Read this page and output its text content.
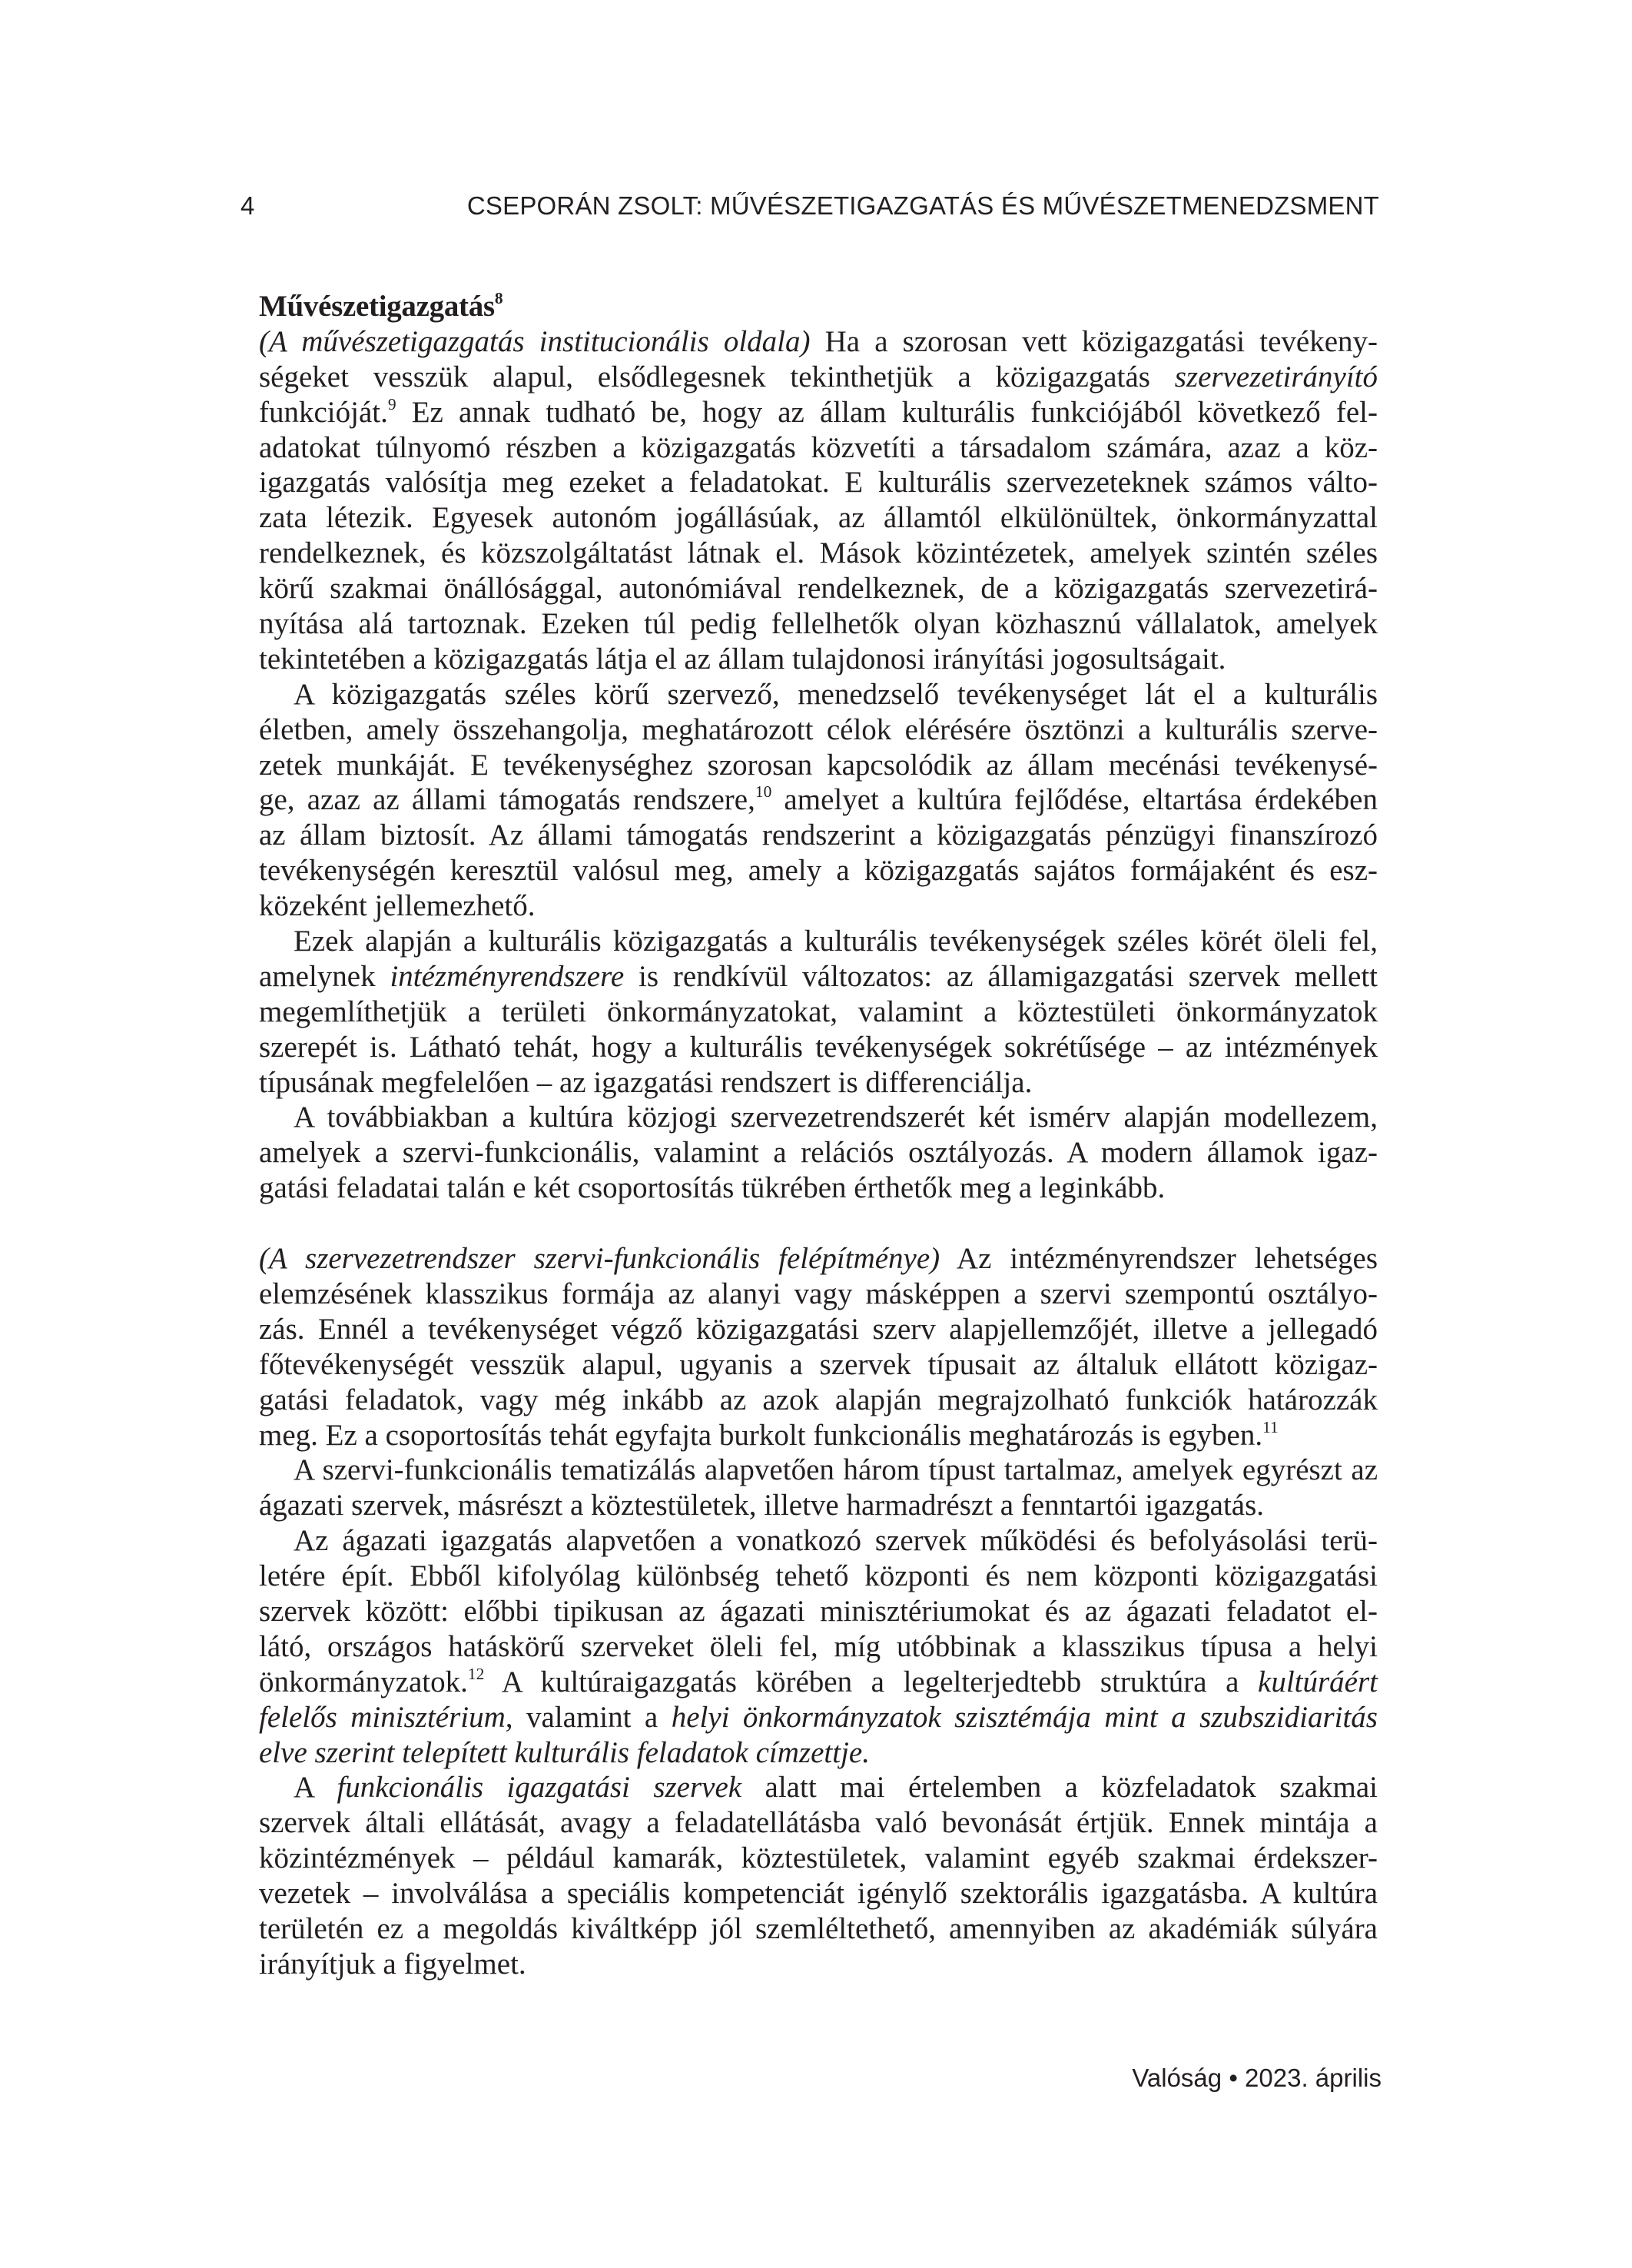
4	CSEPORÁN ZSOLT: MŰVÉSZETIGAZGATÁS ÉS MŰVÉSZETMENEDZSMENT
Művészetigazgatás$^8$
(A művészetigazgatás institucionális oldala) Ha a szorosan vett közigazgatási tevékeny-
ségeket vesszük alapul, elsődlegesnek tekinthetjük a közigazgatás szervezetirányító
funkcióját.$^9$ Ez annak tudható be, hogy az állam kulturális funkciójából következő fel-
adatokat túlnyomó részben a közigazgatás közvetíti a társadalom számára, azaz a köz-
igazgatás valósítja meg ezeket a feladatokat. E kulturális szervezeteknek számos válto-
zata létezik. Egyesek autonóm jogállásúak, az államtól elkülönültek, önkormányzattal
rendelkeznek, és közszolgáltatást látnak el. Mások közintézetek, amelyek szintén széles
körű szakmai önállósággal, autonómiával rendelkeznek, de a közigazgatás szervezetirá-
nyítása alá tartoznak. Ezeken túl pedig fellelhetők olyan közhasznú vállalatok, amelyek
tekintetében a közigazgatás látja el az állam tulajdonosi irányítási jogosultságait.
A közigazgatás széles körű szervező, menedzselő tevékenységet lát el a kulturális
életben, amely összehangolja, meghatározott célok elérésére ösztönzi a kulturális szerve-
zetek munkáját. E tevékenységhez szorosan kapcsolódik az állam mecénási tevékenysé-
ge, azaz az állami támogatás rendszere,$^{10}$ amelyet a kultúra fejlődése, eltartása érdekében
az állam biztosít. Az állami támogatás rendszerint a közigazgatás pénzügyi finanszírozó
tevékenységén keresztül valósul meg, amely a közigazgatás sajátos formájaként és esz-
közeként jellemezhető.
Ezek alapján a kulturális közigazgatás a kulturális tevékenységek széles körét öleli fel,
amelynek intézményrendszere is rendkívül változatos: az államigazgatási szervek mellett
megemlíthetjük a területi önkormányzatokat, valamint a köztestületi önkormányzatok
szerepét is. Látható tehát, hogy a kulturális tevékenységek sokrétűsége – az intézmények
típusának megfelelően – az igazgatási rendszert is differenciálja.
A továbbiakban a kultúra közjogi szervezetrendszerét két ismérv alapján modellezem,
amelyek a szervi-funkcionális, valamint a relációs osztályozás. A modern államok igaz-
gatási feladatai talán e két csoportosítás tükrében érthetők meg a leginkább.
(A szervezetrendszer szervi-funkcionális felépítménye) Az intézményrendszer lehetséges
elemzésének klasszikus formája az alanyi vagy másképpen a szervi szempontú osztályo-
zás. Ennél a tevékenységet végző közigazgatási szerv alapjellemzőjét, illetve a jellegadó
főtevékenységét vesszük alapul, ugyanis a szervek típusait az általuk ellátott közigaz-
gatási feladatok, vagy még inkább az azok alapján megrajzolható funkciók határozzák
meg. Ez a csoportosítás tehát egyfajta burkolt funkcionális meghatározás is egyben.$^{11}$
A szervi-funkcionális tematizálás alapvetően három típust tartalmaz, amelyek egyrészt az
ágazati szervek, másrészt a köztestületek, illetve harmadrészt a fenntartói igazgatás.
Az ágazati igazgatás alapvetően a vonatkozó szervek működési és befolyásolási terü-
letére épít. Ebből kifolyólag különbség tehető központi és nem központi közigazgatási
szervek között: előbbi tipikusan az ágazati minisztériumokat és az ágazati feladatot el-
látó, országos hatáskörű szerveket öleli fel, míg utóbbinak a klasszikus típusa a helyi
önkormányzatok.$^{12}$ A kultúraigazgatás körében a legelterjedtebb struktúra a kultúráért
felelős minisztérium, valamint a helyi önkormányzatok szisztémája mint a szubszidiaritás
elve szerint telepített kulturális feladatok címzettje.
A funkcionális igazgatási szervek alatt mai értelemben a közfeladatok szakmai
szervek általi ellátását, avagy a feladatellátásba való bevonását értjük. Ennek mintája a
közintézmények – például kamarák, köztestületek, valamint egyéb szakmai érdekszer-
vezetek – involválása a speciális kompetenciát igénylő szektorális igazgatásba. A kultúra
területén ez a megoldás kiváltképp jól szemléltethető, amennyiben az akadémiák súlyára
irányítjuk a figyelmet.
Valóság • 2023. április
